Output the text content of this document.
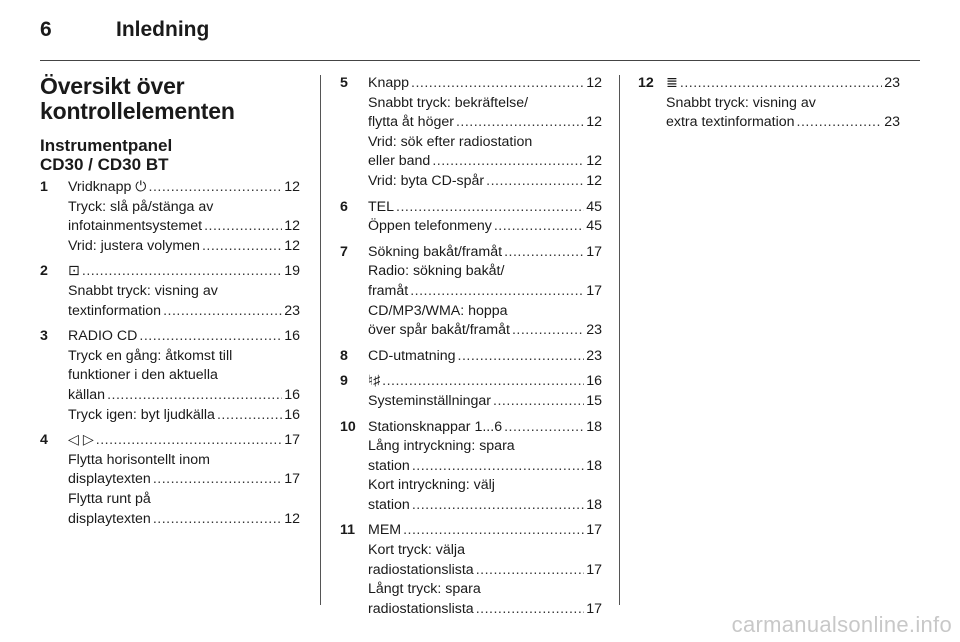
6	Inledning
Översikt över
kontrollelementen
Instrumentpanel
CD30 / CD30 BT
1	Vridknapp ⏻ .....	12
Tryck: slå på/stänga av
infotainmentsystemet .....	12
Vrid: justera volymen .....	12
2	⊡ .....	19
Snabbt tryck: visning av
textinformation .....	23
3	RADIO CD .....	16
Tryck en gång: åtkomst till
funktioner i den aktuella
källan .....	16
Tryck igen: byt ljudkälla .....	16
4	◁ ▷ .....	17
Flytta horisontellt inom
displaytexten .....	17
Flytta runt på
displaytexten .....	12
5	Knapp .....	12
Snabbt tryck: bekräftelse/
flytta åt höger .....	12
Vrid: sök efter radiostation
eller band .....	12
Vrid: byta CD-spår .....	12
6	TEL .....	45
Öppen telefonmeny .....	45
7	Sökning bakåt/framåt .....	17
Radio: sökning bakåt/
framåt .....	17
CD/MP3/WMA: hoppa
över spår bakåt/framåt .....	23
8	CD-utmatning .....	23
9	♮♯ .....	16
Systeminställningar .....	15
10 Stationsknappar 1...6 .....	18
Lång intryckning: spara
station .....	18
Kort intryckning: välj
station .....	18
11 MEM .....	17
Kort tryck: välja
radiostationslista .....	17
Långt tryck: spara
radiostationslista .....	17
12 ≣ .....	23
Snabbt tryck: visning av
extra textinformation .....	23
carmanualsonline.info
